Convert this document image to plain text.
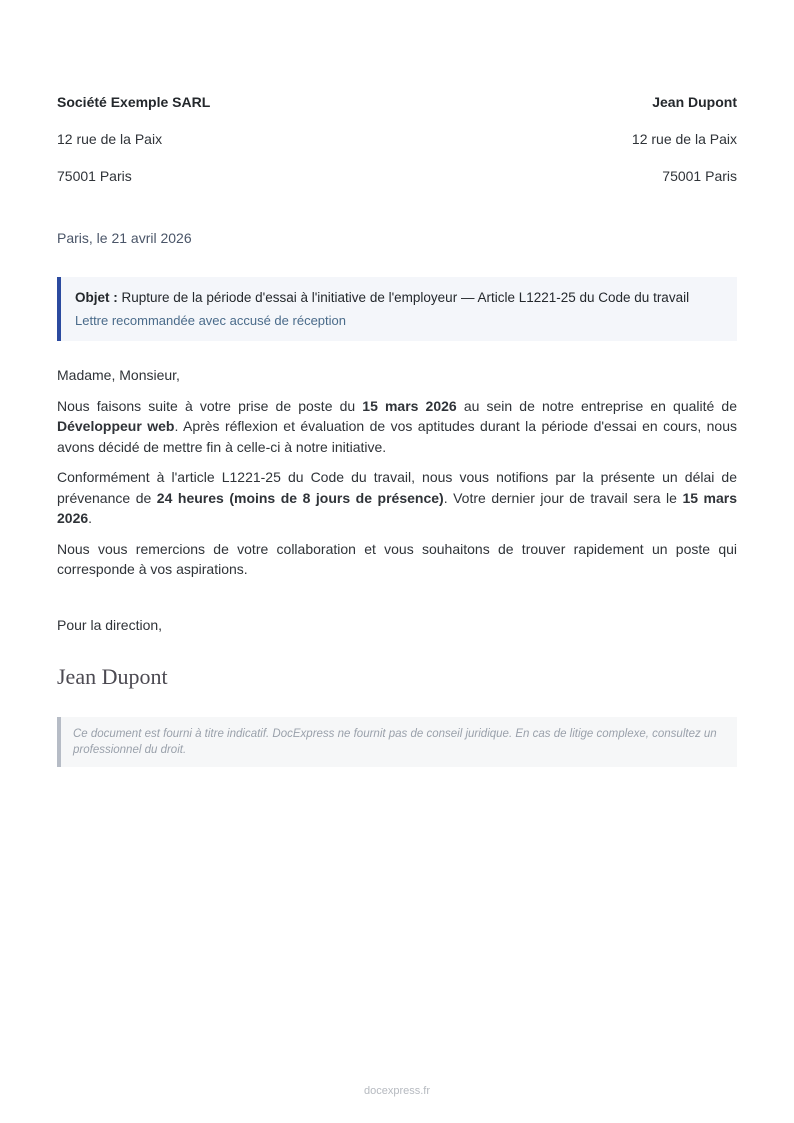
Société Exemple SARL

12 rue de la Paix

75001 Paris

Jean Dupont

12 rue de la Paix

75001 Paris

Paris, le 21 avril 2026

Objet : Rupture de la période d'essai à l'initiative de l'employeur — Article L1221-25 du Code du travail

Lettre recommandée avec accusé de réception

Madame, Monsieur,

Nous faisons suite à votre prise de poste du 15 mars 2026 au sein de notre entreprise en qualité de Développeur web. Après réflexion et évaluation de vos aptitudes durant la période d'essai en cours, nous avons décidé de mettre fin à celle-ci à notre initiative.

Conformément à l'article L1221-25 du Code du travail, nous vous notifions par la présente un délai de prévenance de 24 heures (moins de 8 jours de présence). Votre dernier jour de travail sera le 15 mars 2026.

Nous vous remercions de votre collaboration et vous souhaitons de trouver rapidement un poste qui corresponde à vos aspirations.

Pour la direction,

Jean Dupont

Ce document est fourni à titre indicatif. DocExpress ne fournit pas de conseil juridique. En cas de litige complexe, consultez un professionnel du droit.

docexpress.fr
